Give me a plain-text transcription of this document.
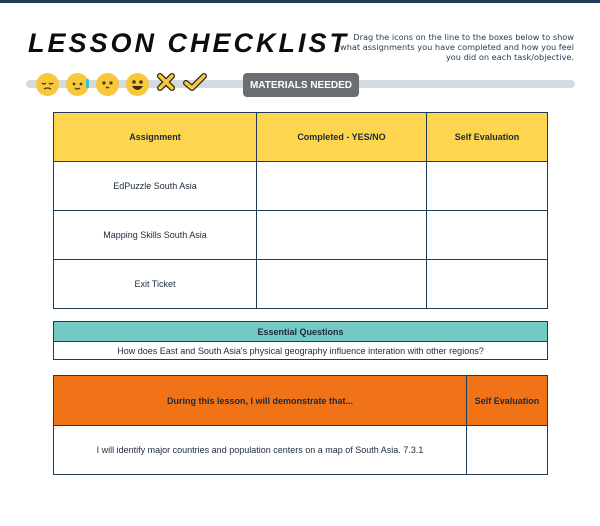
LESSON CHECKLIST Drag the icons on the line to the boxes below to show what assignments you have completed and how you feel you did on each task/objective.
MATERIALS NEEDED
Assignment	Completed - YES/NO	Self Evaluation
EdPuzzle South Asia		
Mapping Skills South Asia		
Exit Ticket		
Essential Questions
How does East and South Asia's physical geography influence interation with other regions?
During this lesson, I will demonstrate that...	Self Evaluation
I will identify major countries and population centers on a map of South Asia. 7.3.1	
